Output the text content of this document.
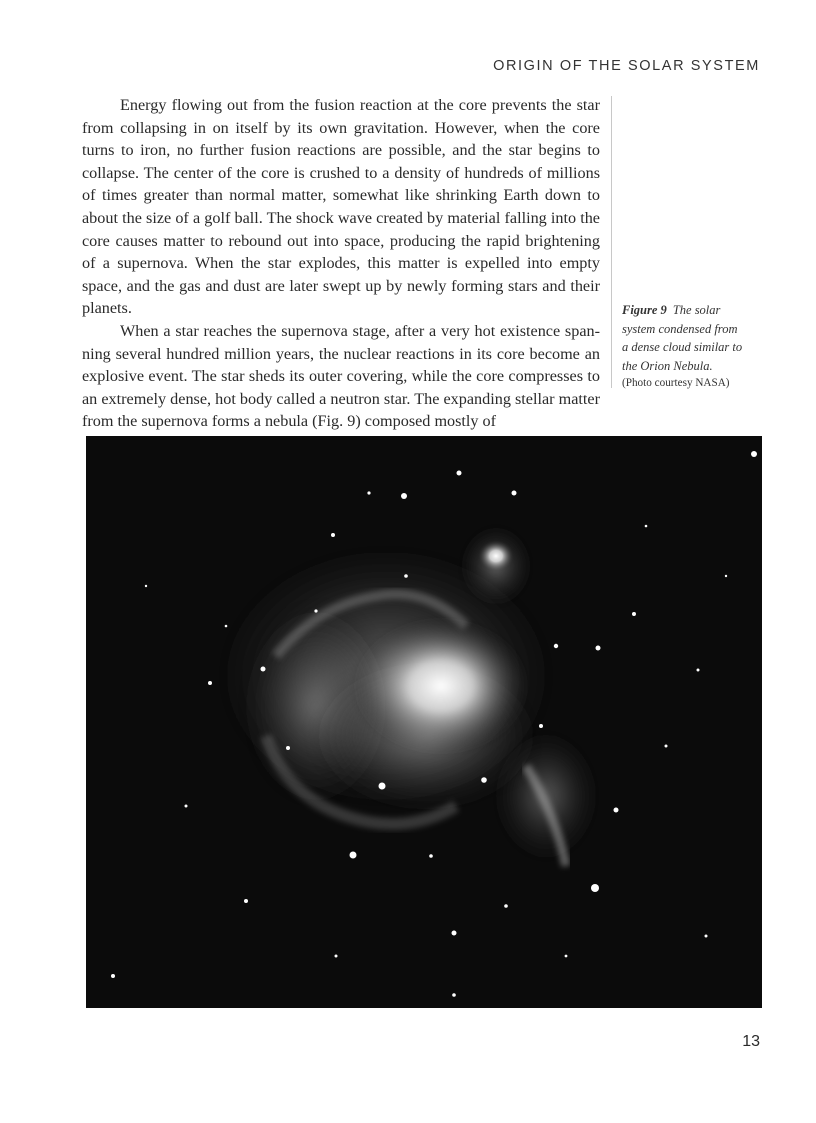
ORIGIN OF THE SOLAR SYSTEM

Energy flowing out from the fusion reaction at the core prevents the star from collapsing in on itself by its own gravitation. However, when the core turns to iron, no further fusion reactions are possible, and the star begins to collapse. The center of the core is crushed to a density of hundreds of millions of times greater than normal matter, somewhat like shrinking Earth down to about the size of a golf ball. The shock wave created by material falling into the core causes matter to rebound out into space, producing the rapid brightening of a supernova. When the star explodes, this matter is expelled into empty space, and the gas and dust are later swept up by newly forming stars and their planets.

When a star reaches the supernova stage, after a very hot existence spanning several hundred million years, the nuclear reactions in its core become an explosive event. The star sheds its outer covering, while the core compresses to an extremely dense, hot body called a neutron star. The expanding stellar matter from the supernova forms a nebula (Fig. 9) composed mostly of

Figure 9 The solar system condensed from a dense cloud similar to the Orion Nebula.
(Photo courtesy NASA)
13
